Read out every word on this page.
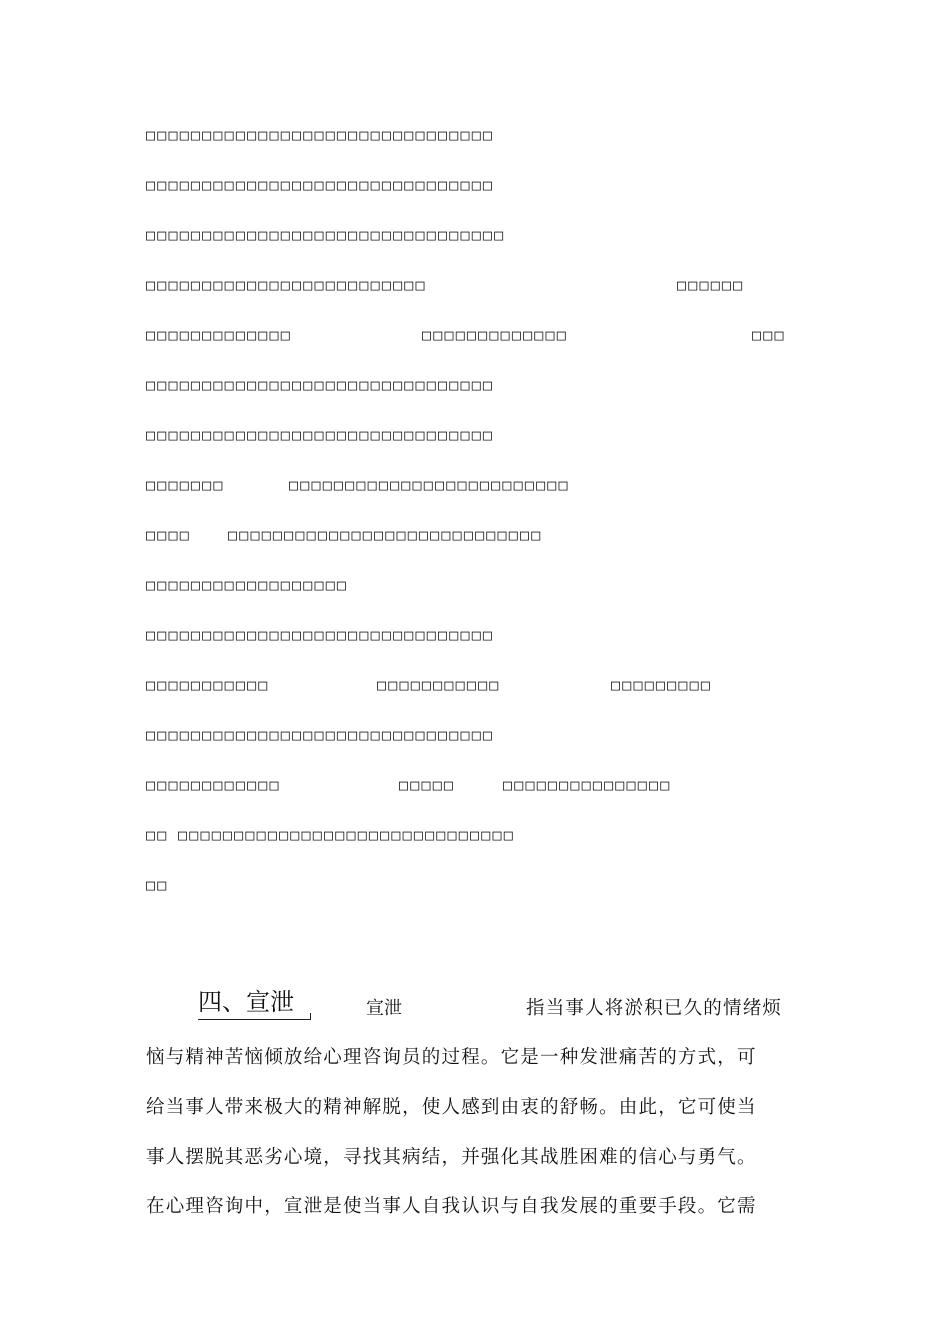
□□□□□□□□□□□□□□□□□□□□□□□□□□□□□□□
□□□□□□□□□□□□□□□□□□□□□□□□□□□□□□□
□□□□□□□□□□□□□□□□□□□□□□□□□□□□□□□□
□□□□□□□□□□□□□□□□□□□□□□□□□	□□□□□□
□□□□□□□□□□□□□	□□□□□□□□□□□□□	□□□
□□□□□□□□□□□□□□□□□□□□□□□□□□□□□□□
□□□□□□□□□□□□□□□□□□□□□□□□□□□□□□□
□□□□□□□	□□□□□□□□□□□□□□□□□□□□□□□□□
□□□□ □□□□□□□□□□□□□□□□□□□□□□□□□□□□
□□□□□□□□□□□□□□□□□□
□□□□□□□□□□□□□□□□□□□□□□□□□□□□□□□
□□□□□□□□□□□	□□□□□□□□□□□	□□□□□□□□□
□□□□□□□□□□□□□□□□□□□□□□□□□□□□□□□
□□□□□□□□□□□□	□□□□□	□□□□□□□□□□□□□□□
□□ □□□□□□□□□□□□□□□□□□□□□□□□□□□□□□
□□
四、宣泄	宣泄	指当事人将淤积已久的情绪烦
恼与精神苦恼倾放给心理咨询员的过程。它是一种发泄痛苦的方式，可
给当事人带来极大的精神解脱，使人感到由衷的舒畅。由此，它可使当
事人摆脱其恶劣心境，寻找其病结，并强化其战胜困难的信心与勇气。
在心理咨询中，宣泄是使当事人自我认识与自我发展的重要手段。它需
